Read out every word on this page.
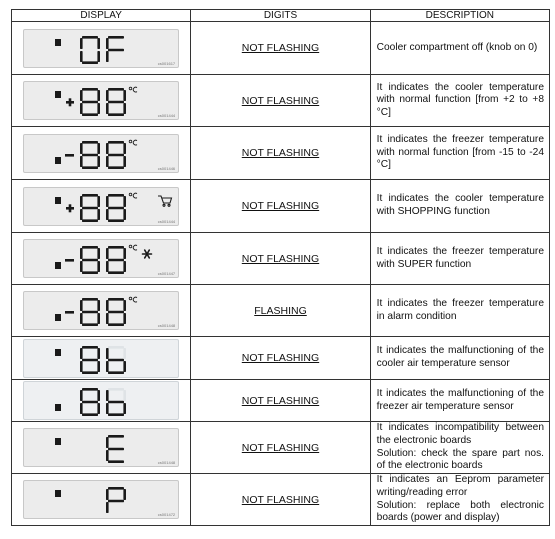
DISPLAY	DIGITS	DESCRIPTION

cs001617	NOT FLASHING	Cooler compartment off (knob on 0)

cs001444	NOT FLASHING	It indicates the cooler temperature with normal function [from +2 to +8 °C]

cs001446	NOT FLASHING	It indicates the freezer temperature with normal function [from -15 to -24 °C]

cs001444	NOT FLASHING	It indicates the cooler temperature with SHOPPING function

cs001447	NOT FLASHING	It indicates the freezer temperature with SUPER function

cs001448	FLASHING	It indicates the freezer temperature in alarm condition

	NOT FLASHING	It indicates the malfunctioning of the cooler air temperature sensor

	NOT FLASHING	It indicates the malfunctioning of the freezer air temperature sensor

cs001448	NOT FLASHING	It indicates incompatibility between the electronic boards
Solution: check the spare part nos. of the electronic boards

cs001472	NOT FLASHING	It indicates an Eeprom parameter writing/reading error
Solution: replace both electronic boards (power and display)
